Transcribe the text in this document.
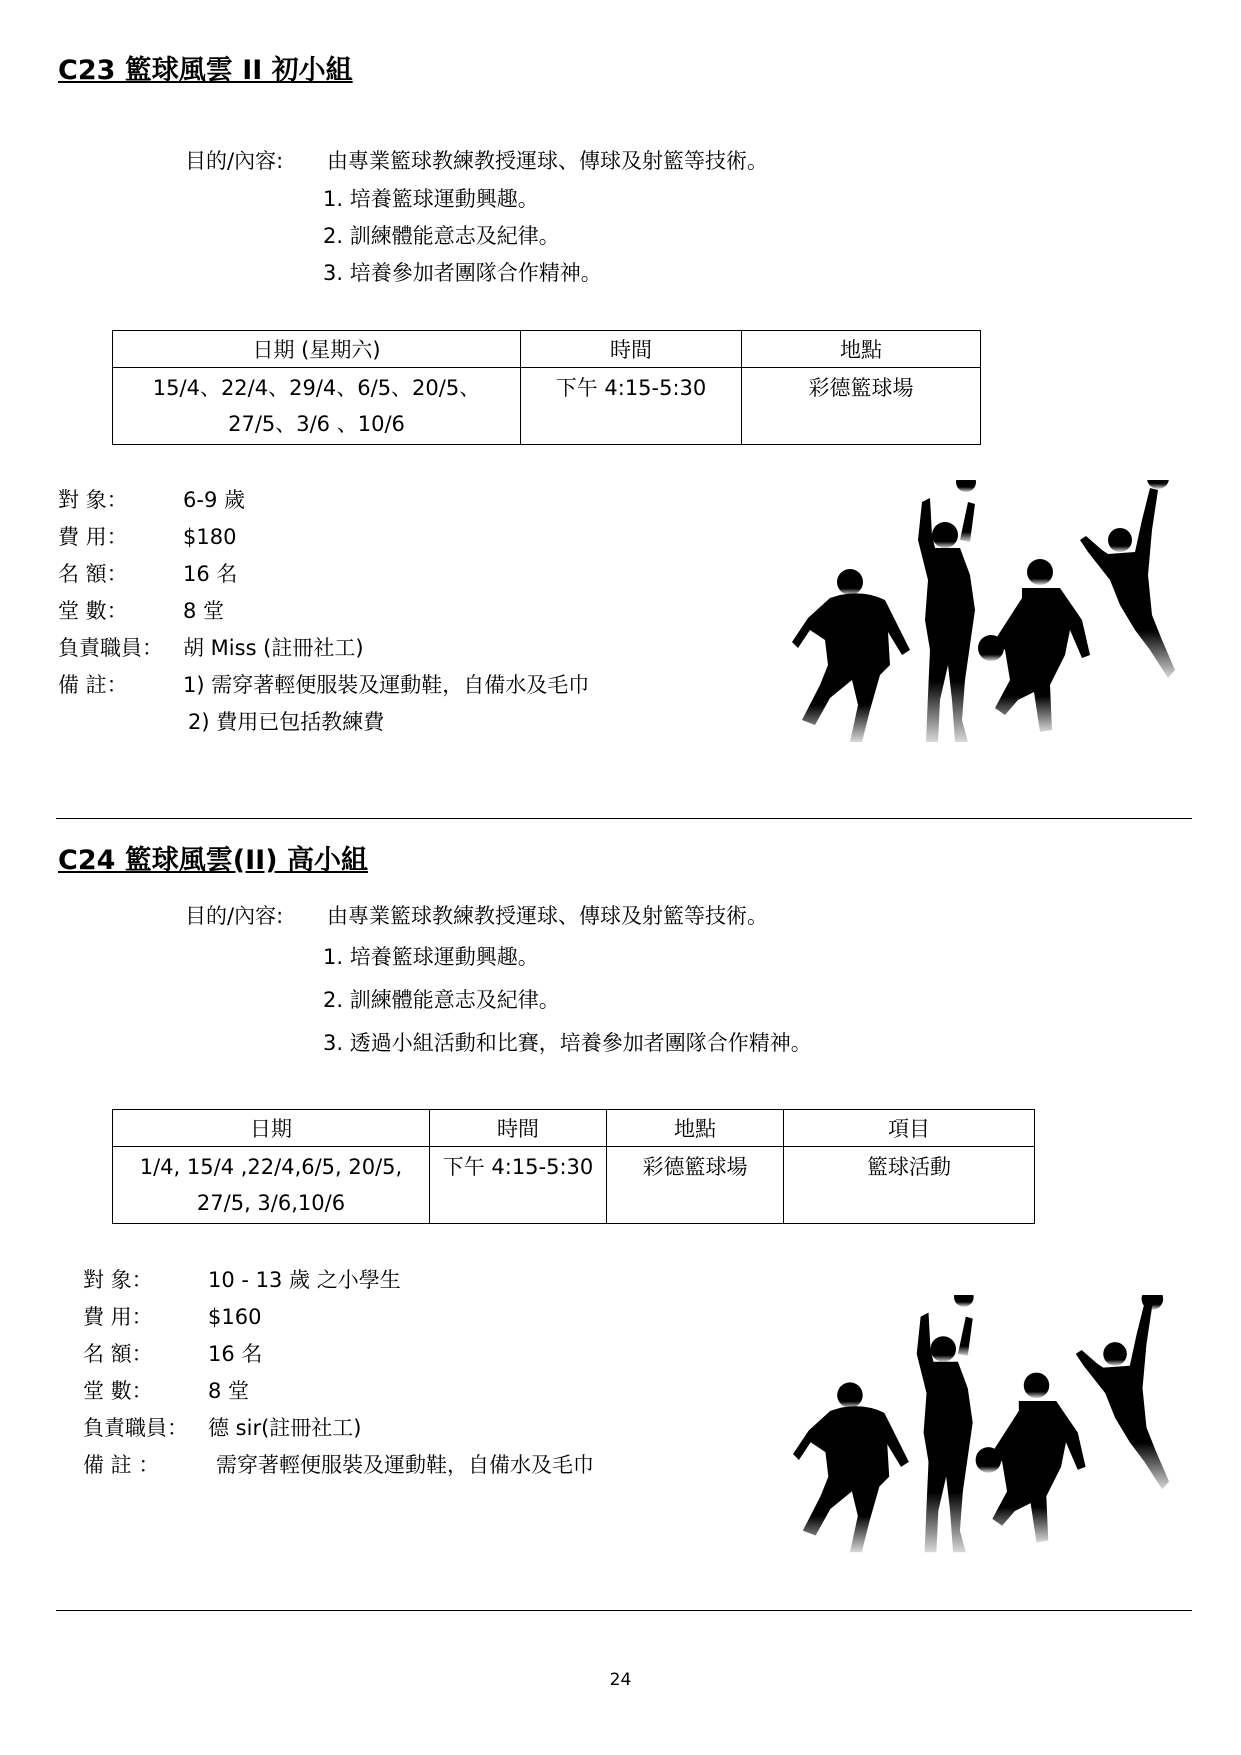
C23 籃球風雲 II 初小組
目的/內容: 由專業籃球教練教授運球、傳球及射籃等技術。
1. 培養籃球運動興趣。
2. 訓練體能意志及紀律。
3. 培養參加者團隊合作精神。
日期 (星期六)	時間	地點
15/4、22/4、29/4、6/5、20/5、27/5、3/6 、10/6	下午 4:15-5:30	彩德籃球場
對 象：	6-9 歲
費 用：	$180
名 額：	16 名
堂 數：	8 堂
負責職員： 胡 Miss (註冊社工)
備 註：	1) 需穿著輕便服裝及運動鞋，自備水及毛巾
2) 費用已包括教練費
C24 籃球風雲(II) 高小組
目的/內容: 由專業籃球教練教授運球、傳球及射籃等技術。
1. 培養籃球運動興趣。
2. 訓練體能意志及紀律。
3. 透過小組活動和比賽，培養參加者團隊合作精神。
日期	時間	地點	項目
1/4, 15/4 ,22/4,6/5, 20/5, 27/5, 3/6,10/6	下午 4:15-5:30	彩德籃球場	籃球活動
對 象：	10 - 13 歲 之小學生
費 用：	$160
名 額：	16 名
堂 數：	8 堂
負責職員： 德 sir(註冊社工)
備 註 ：	需穿著輕便服裝及運動鞋，自備水及毛巾
24
